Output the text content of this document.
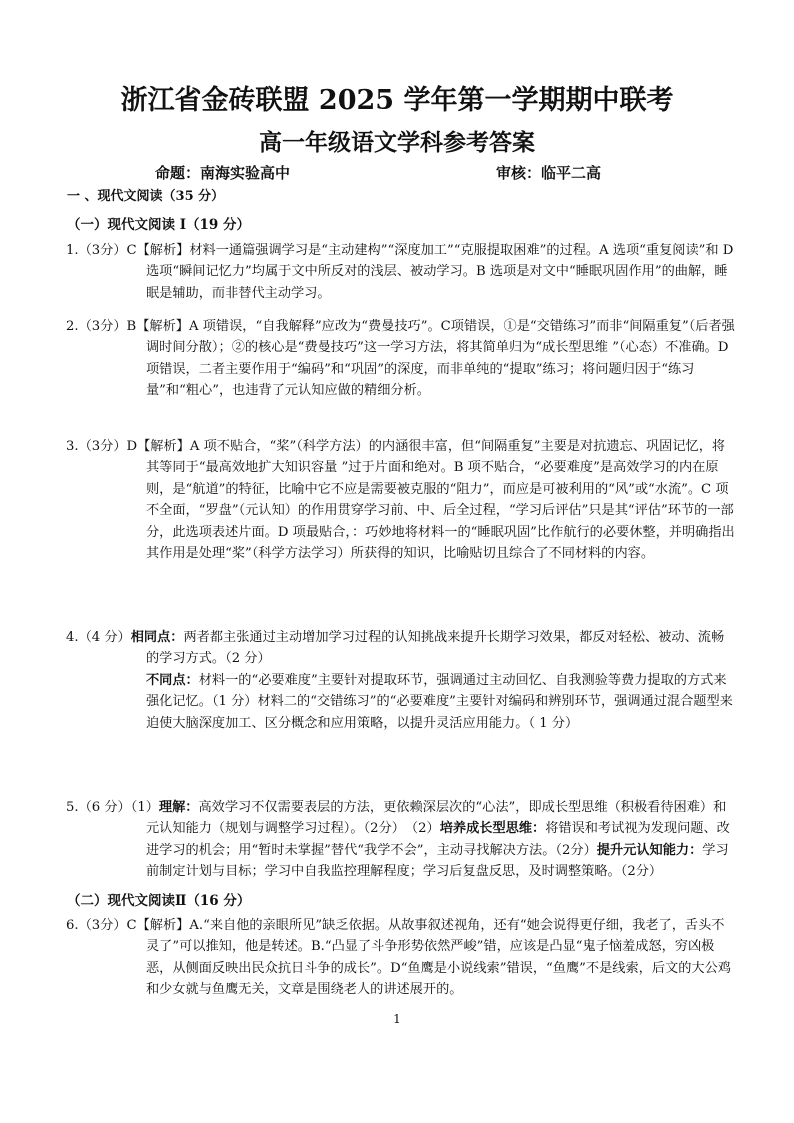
浙江省金砖联盟 2025 学年第一学期期中联考
高一年级语文学科参考答案
命题：南海实验高中	审核：临平二高
一 、现代文阅读（35 分）
（一）现代文阅读 Ⅰ（19 分）
1.（3分）C【解析】材料一通篇强调学习是“主动建构”“深度加工”“克服提取困难”的过程。A 选项“重复阅读”和 D 选项“瞬间记忆力”均属于文中所反对的浅层、被动学习。B 选项是对文中“睡眠巩固作用”的曲解，睡眠是辅助，而非替代主动学习。
2.（3分）B【解析】A 项错误，“自我解释”应改为“费曼技巧”。C项错误，①是“交错练习”而非“间隔重复”（后者强调时间分散）；②的核心是“费曼技巧”这一学习方法，将其简单归为“成长型思维 ”（心态）不准确。D项错误，二者主要作用于“编码”和“巩固”的深度，而非单纯的“提取”练习；将问题归因于“练习量”和“粗心”，也违背了元认知应做的精细分析。
3.（3分）D【解析】A 项不贴合，“桨”（科学方法）的内涵很丰富，但“间隔重复”主要是对抗遗忘、巩固记忆，将其等同于“最高效地扩大知识容量 ”过于片面和绝对。B 项不贴合，“必要难度”是高效学习的内在原则，是“航道”的特征，比喻中它不应是需要被克服的“阻力”，而应是可被利用的“风”或“水流”。C 项不全面，“罗盘”（元认知）的作用贯穿学习前、中、后全过程，“学习后评估”只是其“评估”环节的一部分，此选项表述片面。D 项最贴合，：巧妙地将材料一的“睡眠巩固”比作航行的必要休整，并明确指出其作用是处理“桨”（科学方法学习）所获得的知识，比喻贴切且综合了不同材料的内容。
4.（4 分）相同点：两者都主张通过主动增加学习过程的认知挑战来提升长期学习效果，都反对轻松、被动、流畅的学习方式。（2 分）
不同点：材料一的“必要难度”主要针对提取环节，强调通过主动回忆、自我测验等费力提取的方式来强化记忆。（1 分）材料二的“交错练习”的“必要难度”主要针对编码和辨别环节，强调通过混合题型来迫使大脑深度加工、区分概念和应用策略，以提升灵活应用能力。（ 1 分）
5.（6 分）（1）理解：高效学习不仅需要表层的方法，更依赖深层次的“心法”，即成长型思维（积极看待困难）和元认知能力（规划与调整学习过程）。（2分）　（2）培养成长型思维：将错误和考试视为发现问题、改进学习的机会；用“暂时未掌握”替代“我学不会”，主动寻找解决方法。（2分）提升元认知能力：学习前制定计划与目标；学习中自我监控理解程度；学习后复盘反思，及时调整策略。（2分）
（二）现代文阅读Ⅱ（16 分）
6.（3分）C【解析】A.“来自他的亲眼所见”缺乏依据。从故事叙述视角，还有“她会说得更仔细，我老了，舌头不灵了”可以推知，他是转述。B.“凸显了斗争形势依然严峻”错，应该是凸显“鬼子恼羞成怒，穷凶极恶，从侧面反映出民众抗日斗争的成长”。D“鱼鹰是小说线索”错误，“鱼鹰”不是线索，后文的大公鸡和少女就与鱼鹰无关，文章是围绕老人的讲述展开的。
1
